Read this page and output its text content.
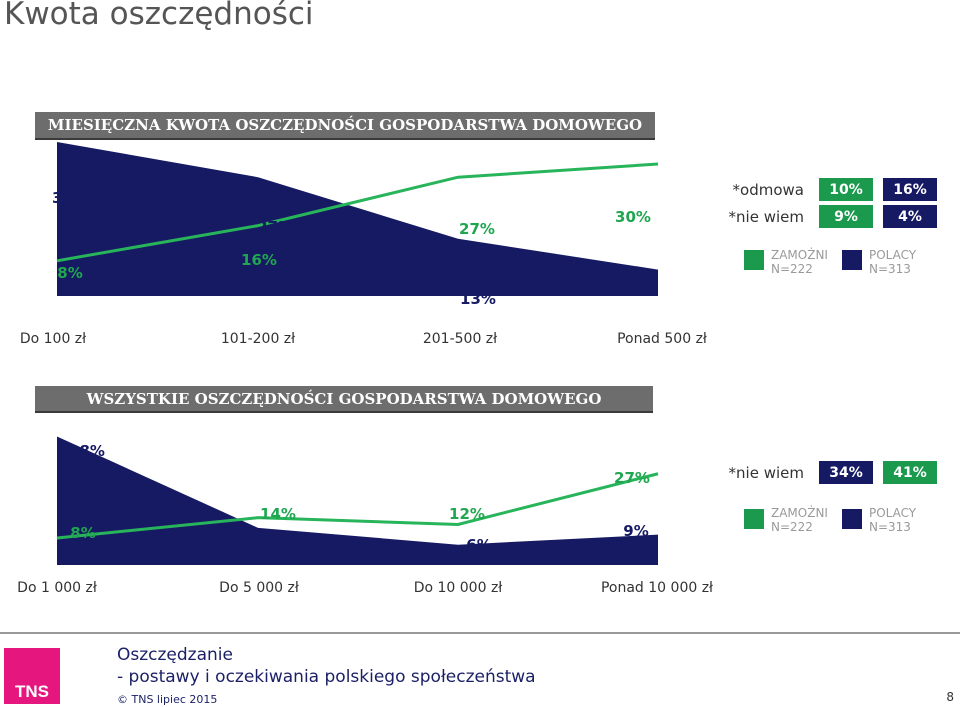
Kwota oszczędności
MIESIĘCZNA KWOTA OSZCZĘDNOŚCI GOSPODARSTWA DOMOWEGO
Do 100 zł	101-200 zł	201-500 zł	Ponad 500 zł
35%
27%
13%
6%
8%
16%
27%
30%
*odmowa	10%	16%
*nie wiem	9%	4%
ZAMOŻNI
N=222
POLACY
N=313
WSZYSTKIE OSZCZĘDNOŚCI GOSPODARSTWA DOMOWEGO
Do 1 000 zł	Do 5 000 zł	Do 10 000 zł	Ponad 10 000 zł
38%
11%	6%
9%
8%
14%	12%
27%	*nie wiem	34%	41%
ZAMOŻNI
N=222
POLACY
N=313
TNS
Oszczędzanie
- postawy i oczekiwania polskiego społeczeństwa
© TNS lipiec 2015	8
